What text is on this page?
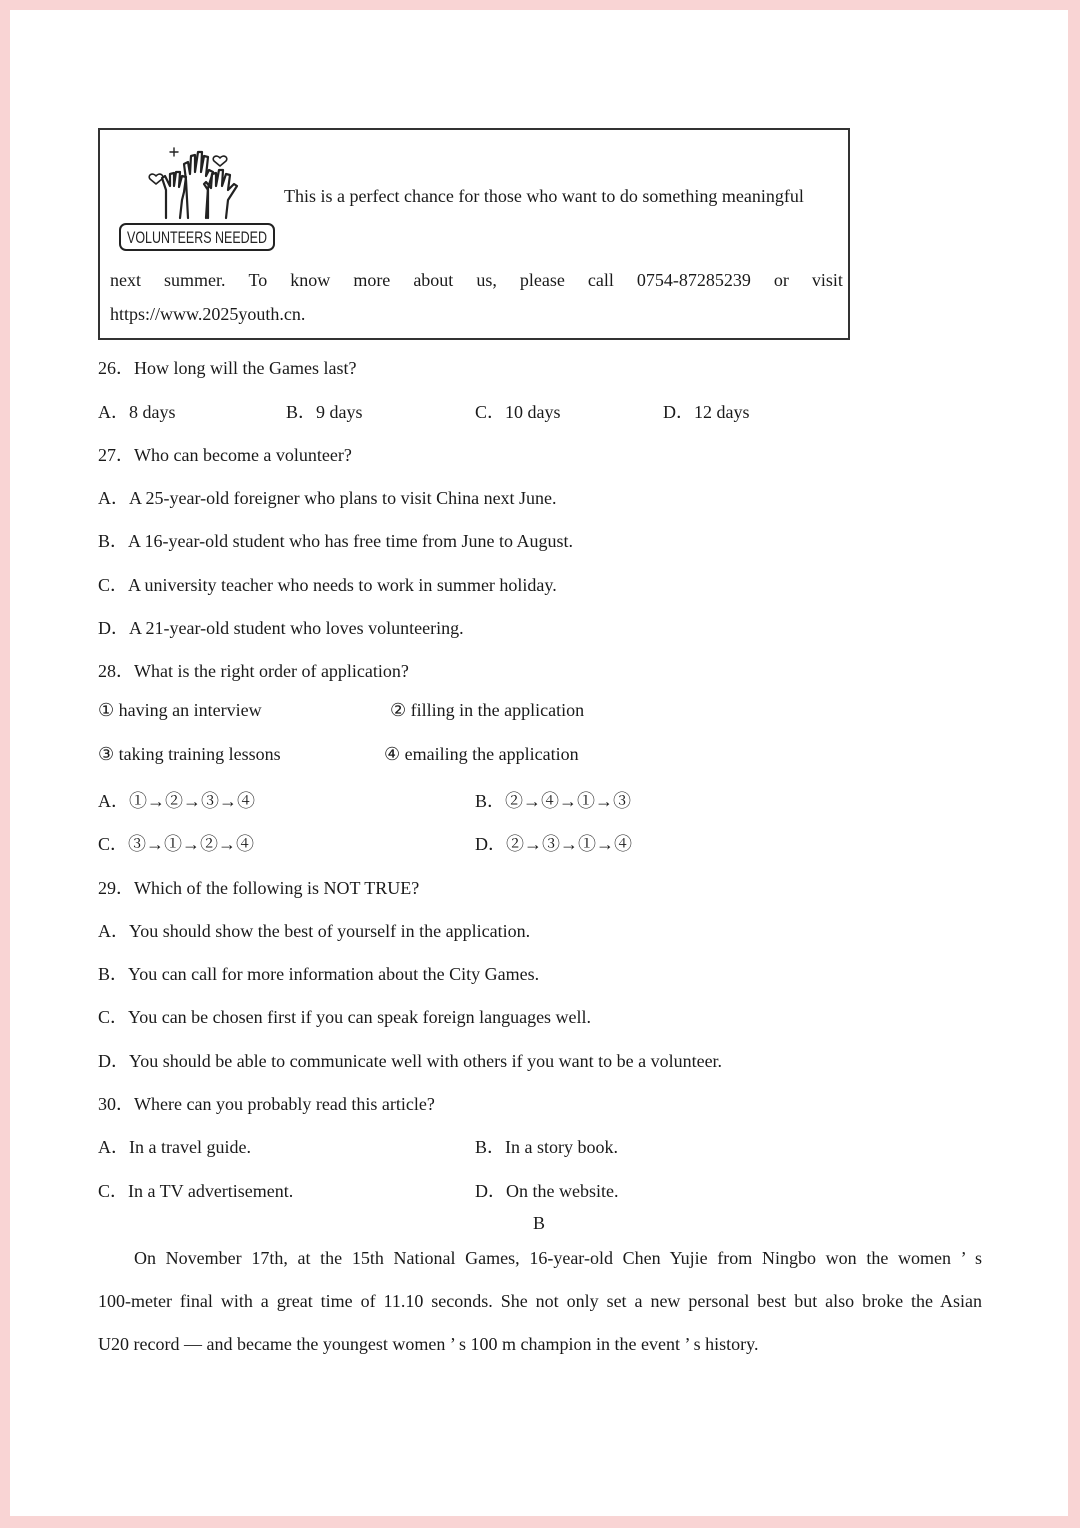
VOLUNTEERS NEEDED
This is a perfect chance for those who want to do something meaningful
next summer. To know more about us, please call 0754-87285239 or visit
https://www.2025youth.cn.
26．How long will the Games last?
A．8 days	B．9 days	C．10 days	D．12 days
27．Who can become a volunteer?
A．A 25-year-old foreigner who plans to visit China next June.
B．A 16-year-old student who has free time from June to August.
C．A university teacher who needs to work in summer holiday.
D．A 21-year-old student who loves volunteering.
28．What is the right order of application?
① having an interview	② filling in the application
③ taking training lessons	④ emailing the application
A．①→②→③→④	B．②→④→①→③
C．③→①→②→④	D．②→③→①→④
29．Which of the following is NOT TRUE?
A．You should show the best of yourself in the application.
B．You can call for more information about the City Games.
C．You can be chosen first if you can speak foreign languages well.
D．You should be able to communicate well with others if you want to be a volunteer.
30．Where can you probably read this article?
A．In a travel guide.	B．In a story book.
C．In a TV advertisement.	D．On the website.
B
On November 17th, at the 15th National Games, 16-year-old Chen Yujie from Ningbo won the women ’ s
100-meter final with a great time of 11.10 seconds. She not only set a new personal best but also broke the Asian
U20 record — and became the youngest women ’ s 100 m champion in the event ’ s history.
